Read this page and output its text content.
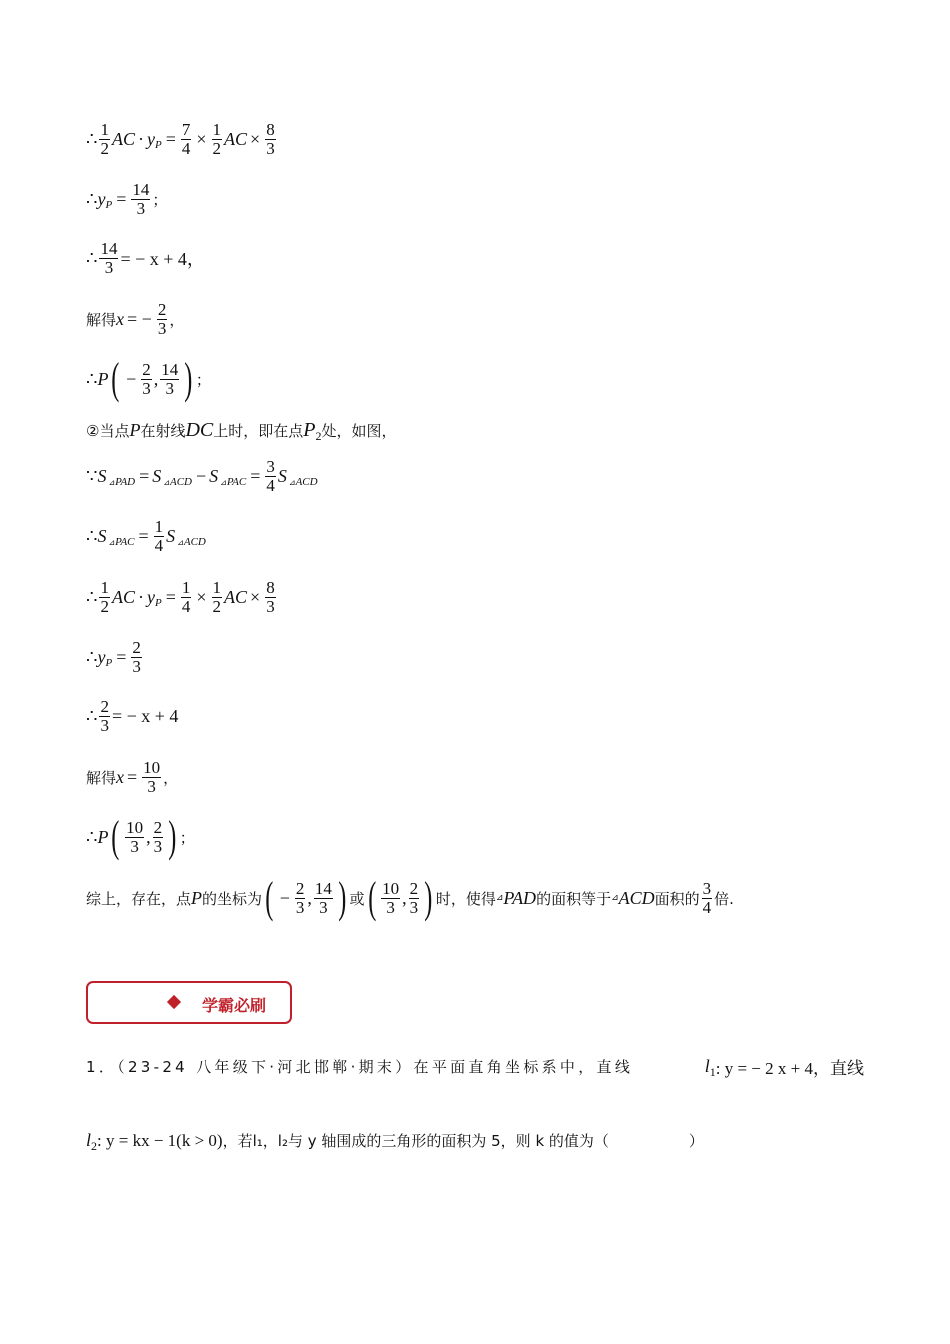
∴ $\frac{1}{2}$ AC · y $P = \frac{7}{4} \times \frac{1}{2}$ AC × $\frac{8}{3}$
∴ y $P = \frac{14}{3}$ ；
∴ $\frac{14}{3}$ = − x + 4，
解得 x = − $\frac{2}{3}$ ，
∴ P ( − $\frac{2}{3}$ , $\frac{14}{3}$ ) ；
②当点 P 在射线 DC 上时，即在点 P 2 处，如图，
∵ S ⊿ PAD = S ⊿ ACD − S ⊿ PAC = $\frac{3}{4}$ S ⊿ ACD
∴ S ⊿ PAC = $\frac{1}{4}$ S ⊿ ACD
∴ $\frac{1}{2}$ AC · y $P = \frac{1}{4} \times \frac{1}{2}$ AC × $\frac{8}{3}$
∴ y $P = \frac{2}{3}$
∴ $\frac{2}{3}$ = − x + 4
解得 $x = \frac{10}{3}$ ，
∴ P ( $\frac{10}{3}$ , $\frac{2}{3}$ ) ；
综上，存在，点 P 的坐标为 ( − $\frac{2}{3}$ , $\frac{14}{3}$ ) 或 ( $\frac{10}{3}$ , $\frac{2}{3}$ ) 时，使得 ⊿ PAD 的面积等于 ⊿ ACD 面积的 $\frac{3}{4}$ 倍.
学霸必刷
1．（23-24 八年级下·河北邯郸·期末）在平面直角坐标系中，直线	l 1 : y = − 2 x + 4，直线
l 2 : y = kx − 1 (k > 0) ，若l₁，l₂与 y 轴围成的三角形的面积为 5，则 k 的值为（	）
